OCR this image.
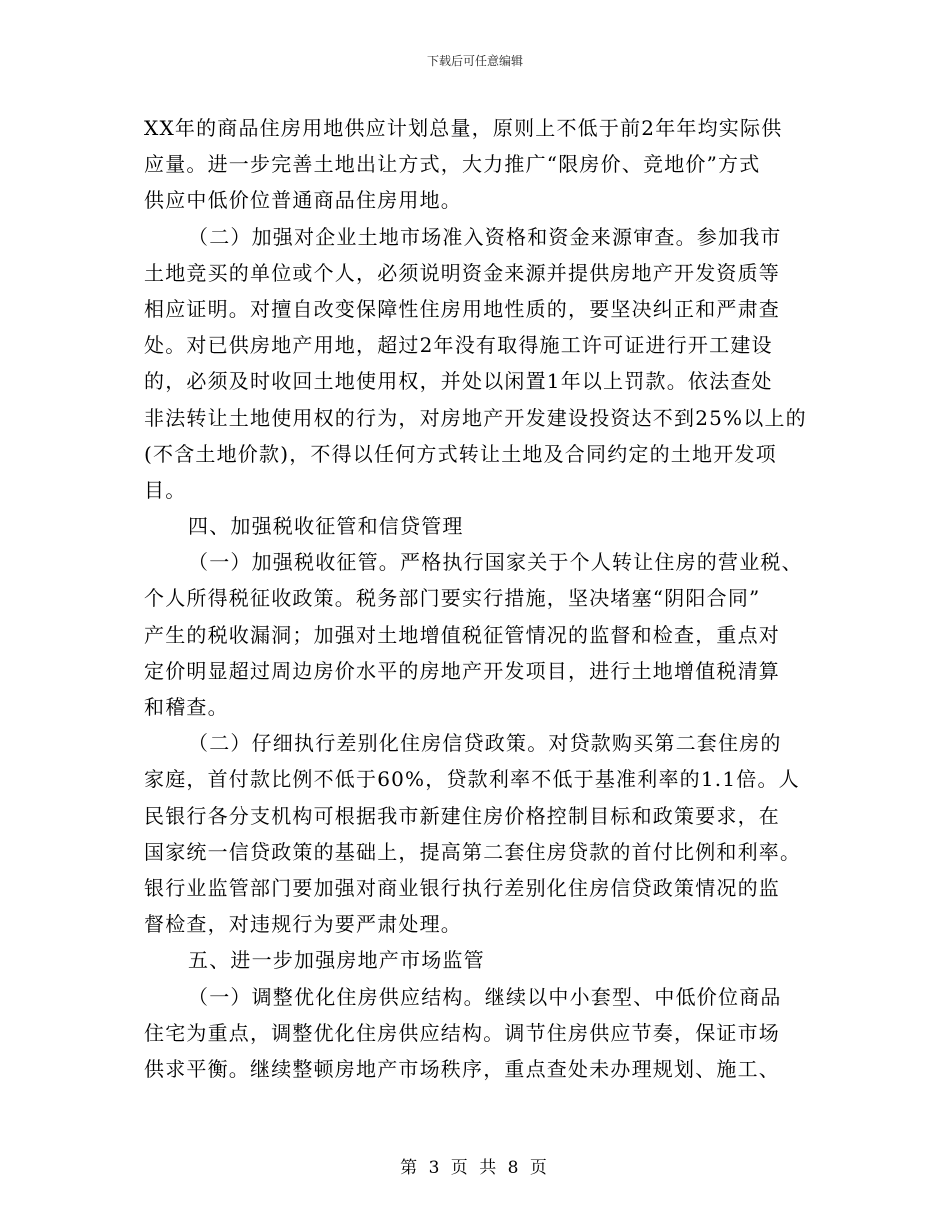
下载后可任意编辑
XX年的商品住房用地供应计划总量，原则上不低于前2年年均实际供
应量。进一步完善土地出让方式，大力推广“限房价、竞地价”方式
供应中低价位普通商品住房用地。
（二）加强对企业土地市场准入资格和资金来源审查。参加我市
土地竞买的单位或个人，必须说明资金来源并提供房地产开发资质等
相应证明。对擅自改变保障性住房用地性质的，要坚决纠正和严肃查
处。对已供房地产用地，超过2年没有取得施工许可证进行开工建设
的，必须及时收回土地使用权，并处以闲置1年以上罚款。依法查处
非法转让土地使用权的行为，对房地产开发建设投资达不到25%以上的
(不含土地价款)，不得以任何方式转让土地及合同约定的土地开发项
目。
四、加强税收征管和信贷管理
（一）加强税收征管。严格执行国家关于个人转让住房的营业税、
个人所得税征收政策。税务部门要实行措施，坚决堵塞“阴阳合同”
产生的税收漏洞；加强对土地增值税征管情况的监督和检查，重点对
定价明显超过周边房价水平的房地产开发项目，进行土地增值税清算
和稽查。
（二）仔细执行差别化住房信贷政策。对贷款购买第二套住房的
家庭，首付款比例不低于60%，贷款利率不低于基准利率的1.1倍。人
民银行各分支机构可根据我市新建住房价格控制目标和政策要求，在
国家统一信贷政策的基础上，提高第二套住房贷款的首付比例和利率。
银行业监管部门要加强对商业银行执行差别化住房信贷政策情况的监
督检查，对违规行为要严肃处理。
五、进一步加强房地产市场监管
（一）调整优化住房供应结构。继续以中小套型、中低价位商品
住宅为重点，调整优化住房供应结构。调节住房供应节奏，保证市场
供求平衡。继续整顿房地产市场秩序，重点查处未办理规划、施工、
第 3 页 共 8 页
